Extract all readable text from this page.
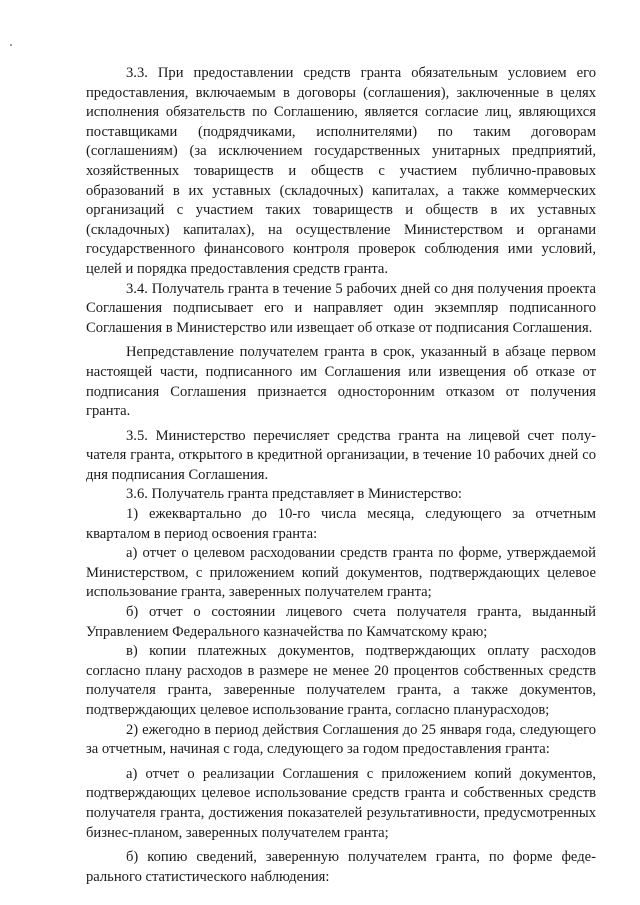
3.3. При предоставлении средств гранта обязательным условием его предоставления, включаемым в договоры (соглашения), заключенные в целях исполнения обязательств по Соглашению, является согласие лиц, являющихся поставщиками (подрядчиками, исполнителями) по таким договорам (соглашениям) (за исключением государственных унитарных предприятий, хозяйственных товариществ и обществ с участием публично-правовых образований в их уставных (складочных) капиталах, а также коммерческих организаций с участием таких товариществ и обществ в их уставных (складочных) капиталах), на осуществление Министерством и органами государственного финансового контроля проверок соблюдения ими условий, целей и порядка предоставления средств гранта.

3.4. Получатель гранта в течение 5 рабочих дней со дня получения проекта Соглашения подписывает его и направляет один экземпляр подписанного Соглашения в Министерство или извещает об отказе от подписания Соглашения.

Непредставление получателем гранта в срок, указанный в абзаце первом настоящей части, подписанного им Соглашения или извещения об отказе от подписания Соглашения признается односторонним отказом от получения гранта.

3.5. Министерство перечисляет средства гранта на лицевой счет получателя гранта, открытого в кредитной организации, в течение 10 рабочих дней со дня подписания Соглашения.

3.6. Получатель гранта представляет в Министерство:

1) ежеквартально до 10-го числа месяца, следующего за отчетным кварталом в период освоения гранта:

а) отчет о целевом расходовании средств гранта по форме, утверждаемой Министерством, с приложением копий документов, подтверждающих целевое использование гранта, заверенных получателем гранта;

б) отчет о состоянии лицевого счета получателя гранта, выданный Управлением Федерального казначейства по Камчатскому краю;

в) копии платежных документов, подтверждающих оплату расходов согласно плану расходов в размере не менее 20 процентов собственных средств получателя гранта, заверенные получателем гранта, а также документов, подтверждающих целевое использование гранта, согласно планурасходов;

2) ежегодно в период действия Соглашения до 25 января года, следующего за отчетным, начиная с года, следующего за годом предоставления гранта:

а) отчет о реализации Соглашения с приложением копий документов, подтверждающих целевое использование средств гранта и собственных средств получателя гранта, достижения показателей результативности, предусмотренных бизнес-планом, заверенных получателем гранта;

б) копию сведений, заверенную получателем гранта, по форме федерального статистического наблюдения:
